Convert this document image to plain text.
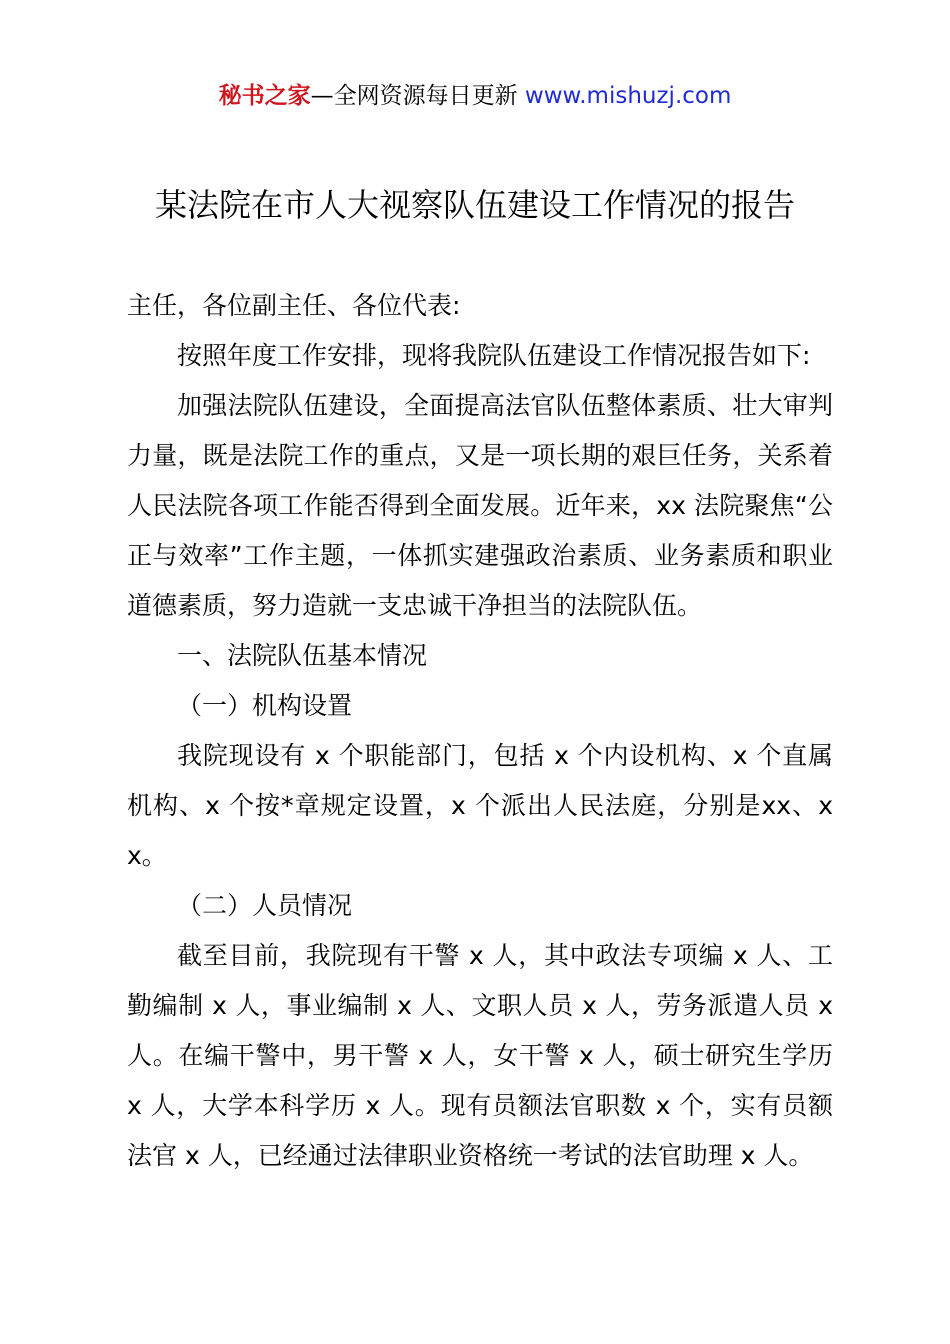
秘书之家—全网资源每日更新 www.mishuzj.com
某法院在市人大视察队伍建设工作情况的报告

主任，各位副主任、各位代表:

按照年度工作安排，现将我院队伍建设工作情况报告如下:

加强法院队伍建设，全面提高法官队伍整体素质、壮大审判力量，既是法院工作的重点，又是一项长期的艰巨任务，关系着人民法院各项工作能否得到全面发展。近年来，xx 法院聚焦“公正与效率”工作主题，一体抓实建强政治素质、业务素质和职业道德素质，努力造就一支忠诚干净担当的法院队伍。

一、法院队伍基本情况

（一）机构设置

我院现设有 x 个职能部门，包括 x 个内设机构、x 个直属机构、x 个按*章规定设置，x 个派出人民法庭，分别是xx、xx。

（二）人员情况

截至目前，我院现有干警 x 人，其中政法专项编 x 人、工勤编制 x 人，事业编制 x 人、文职人员 x 人，劳务派遣人员 x人。在编干警中，男干警 x 人，女干警 x 人，硕士研究生学历 x 人，大学本科学历 x 人。现有员额法官职数 x 个，实有员额法官 x 人，已经通过法律职业资格统一考试的法官助理 x 人。
